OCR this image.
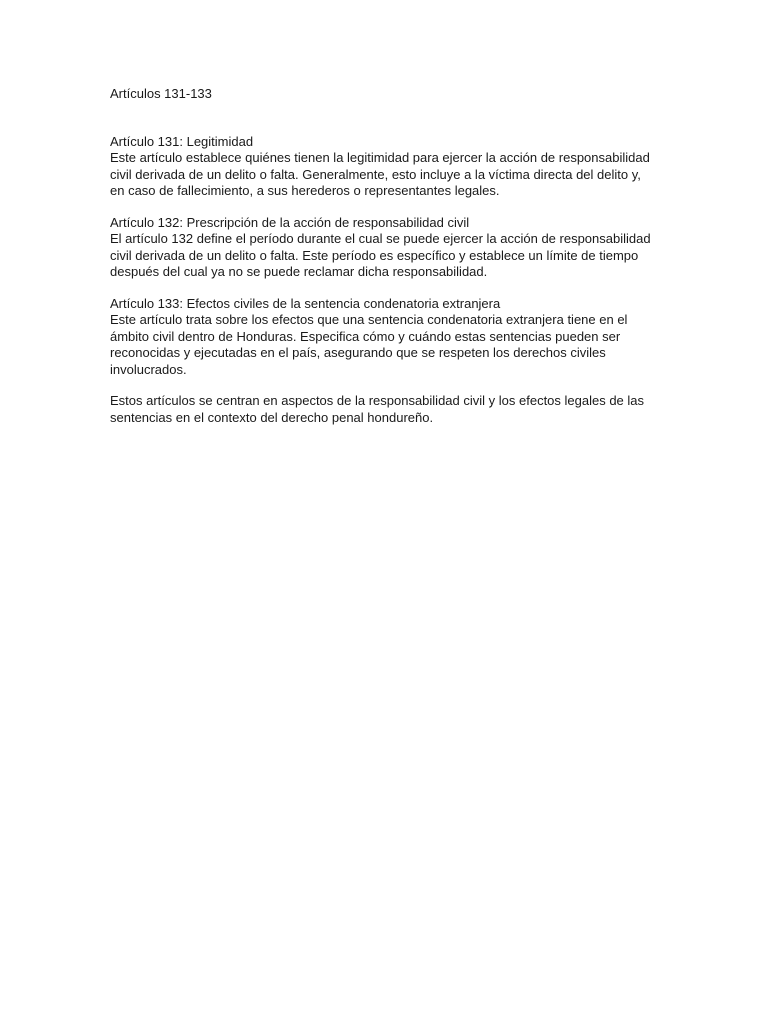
Artículos 131-133

Artículo 131: Legitimidad

Este artículo establece quiénes tienen la legitimidad para ejercer la acción de responsabilidad civil derivada de un delito o falta. Generalmente, esto incluye a la víctima directa del delito y, en caso de fallecimiento, a sus herederos o representantes legales.

Artículo 132: Prescripción de la acción de responsabilidad civil

El artículo 132 define el período durante el cual se puede ejercer la acción de responsabilidad civil derivada de un delito o falta. Este período es específico y establece un límite de tiempo después del cual ya no se puede reclamar dicha responsabilidad.

Artículo 133: Efectos civiles de la sentencia condenatoria extranjera

Este artículo trata sobre los efectos que una sentencia condenatoria extranjera tiene en el ámbito civil dentro de Honduras. Especifica cómo y cuándo estas sentencias pueden ser reconocidas y ejecutadas en el país, asegurando que se respeten los derechos civiles involucrados.

Estos artículos se centran en aspectos de la responsabilidad civil y los efectos legales de las sentencias en el contexto del derecho penal hondureño.
